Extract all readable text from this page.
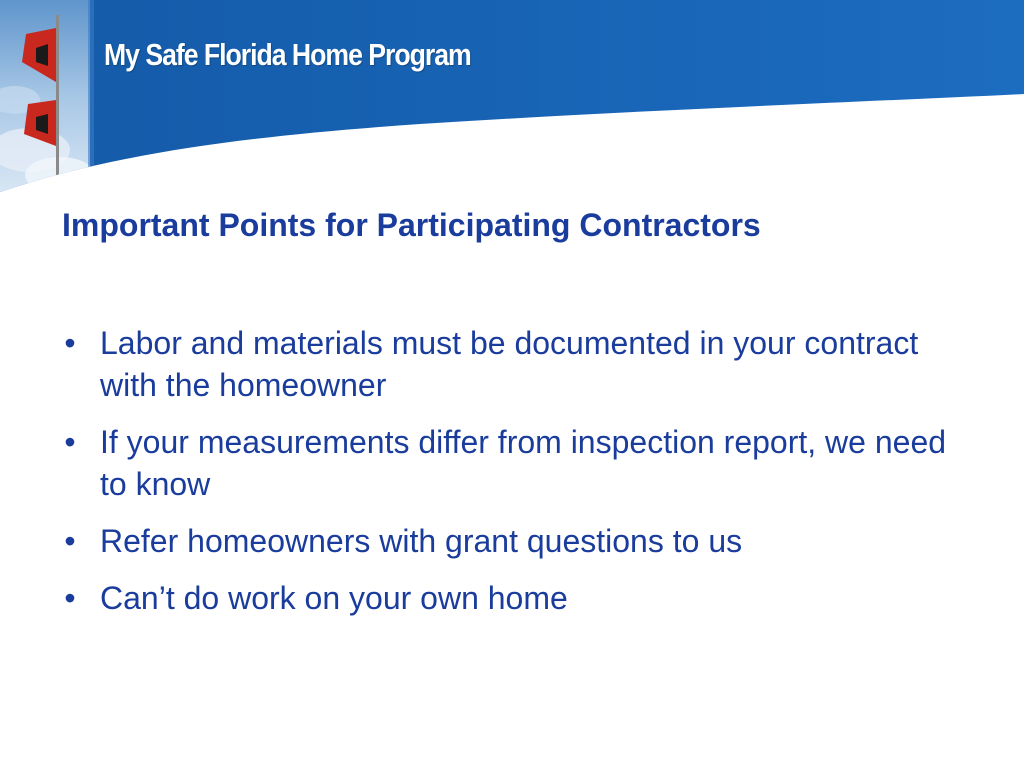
My Safe Florida Home Program
Important Points for Participating Contractors
• Labor and materials must be documented in your contract with the homeowner
• If your measurements differ from inspection report, we need to know
• Refer homeowners with grant questions to us
• Can’t do work on your own home
